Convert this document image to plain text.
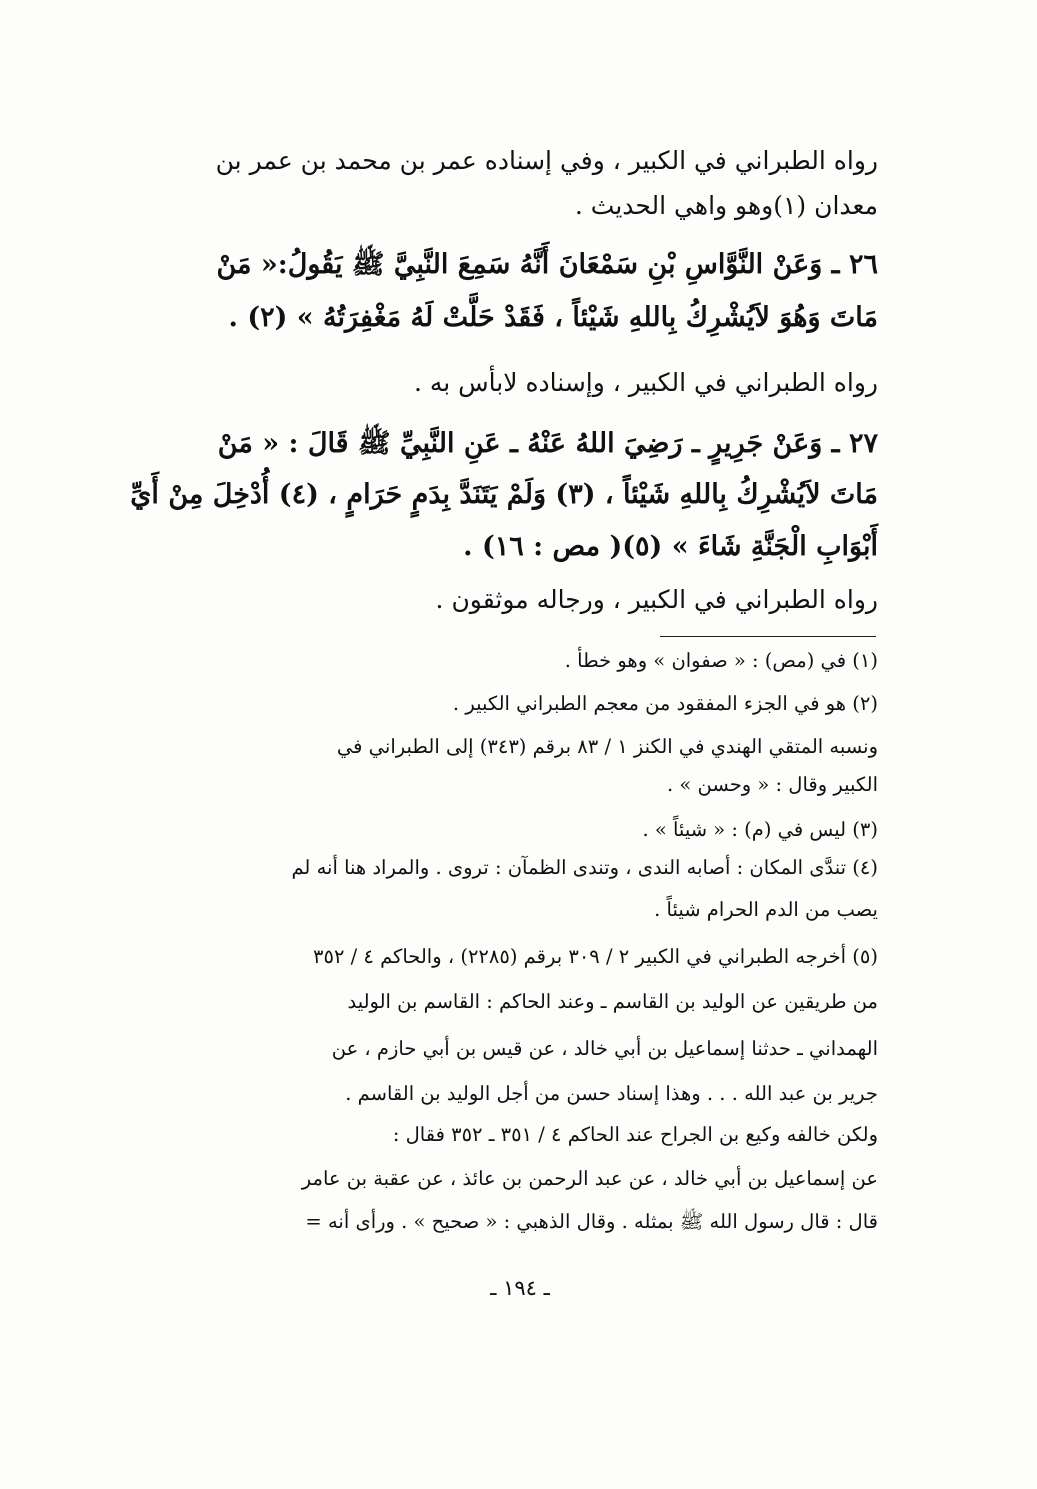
رواه الطبراني في الكبير ، وفي إسناده عمر بن محمد بن عمر بن
معدان (١)وهو واهي الحديث .
٢٦ ـ وَعَنْ النَّوَّاسِ بْنِ سَمْعَانَ أَنَّهُ سَمِعَ النَّبِيَّ ﷺ يَقُولُ:« مَنْ
مَاتَ وَهُوَ لاَيُشْرِكُ بِاللهِ شَيْئاً ، فَقَدْ حَلَّتْ لَهُ مَغْفِرَتُهُ » (٢) .
رواه الطبراني في الكبير ، وإسناده لابأس به .
٢٧ ـ وَعَنْ جَرِيرٍ ـ رَضِيَ اللهُ عَنْهُ ـ عَنِ النَّبِيِّ ﷺ قَالَ : « مَنْ
مَاتَ لاَيُشْرِكُ بِاللهِ شَيْئاً ، (٣) وَلَمْ يَتَنَدَّ بِدَمٍ حَرَامٍ ، (٤) أُدْخِلَ مِنْ أَيِّ
أَبْوَابِ الْجَنَّةِ شَاءَ » (٥)( مص : ١٦) .
رواه الطبراني في الكبير ، ورجاله موثقون .
(١) في (مص) : « صفوان » وهو خطأ .
(٢) هو في الجزء المفقود من معجم الطبراني الكبير .
ونسبه المتقي الهندي في الكنز ١ / ٨٣ برقم (٣٤٣) إلى الطبراني في
الكبير وقال : « وحسن » .
(٣) ليس في (م) : « شيئاً » .
(٤) تندَّى المكان : أصابه الندى ، وتندى الظمآن : تروى . والمراد هنا أنه لم
يصب من الدم الحرام شيئاً .
(٥) أخرجه الطبراني في الكبير ٢ / ٣٠٩ برقم (٢٢٨٥) ، والحاكم ٤ / ٣٥٢
من طريقين عن الوليد بن القاسم ـ وعند الحاكم : القاسم بن الوليد
الهمداني ـ حدثنا إسماعيل بن أبي خالد ، عن قيس بن أبي حازم ، عن
جرير بن عبد الله . . . وهذا إسناد حسن من أجل الوليد بن القاسم .
ولكن خالفه وكيع بن الجراح عند الحاكم ٤ / ٣٥١ ـ ٣٥٢ فقال :
عن إسماعيل بن أبي خالد ، عن عبد الرحمن بن عائذ ، عن عقبة بن عامر
قال : قال رسول الله ﷺ بمثله . وقال الذهبي : « صحيح » . ورأى أنه =
ـ ١٩٤ ـ
